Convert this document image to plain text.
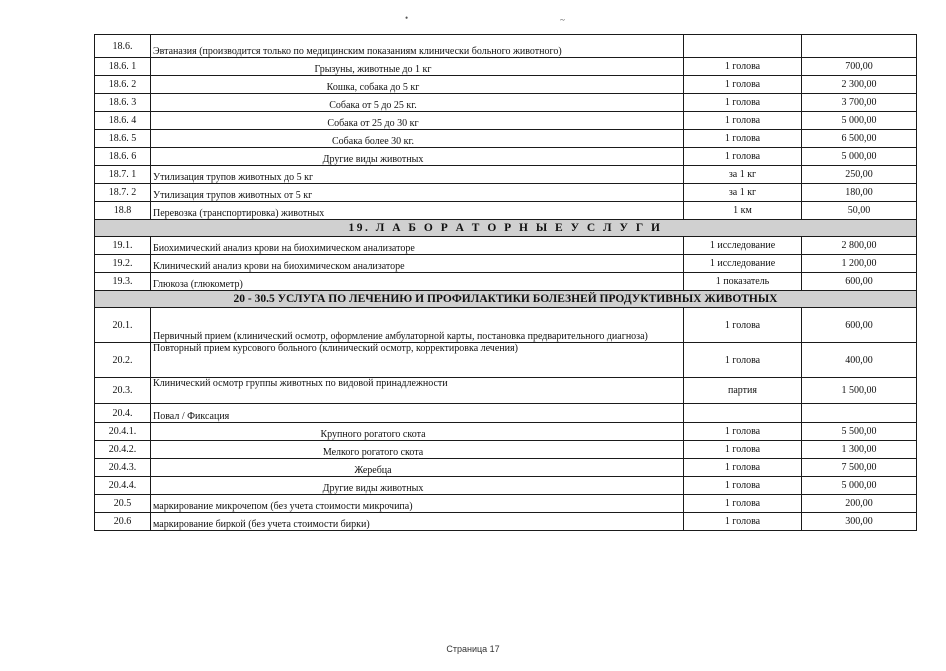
•	~
18.6.	Эвтаназия (производится только по медицинским показаниям клинически больного животного)		
18.6. 1	Грызуны, животные до 1 кг	1 голова	700,00
18.6. 2	Кошка, собака до 5 кг	1 голова	2 300,00
18.6. 3	Собака от 5 до 25 кг.	1 голова	3 700,00
18.6. 4	Собака от 25 до 30 кг	1 голова	5 000,00
18.6. 5	Собака более 30 кг.	1 голова	6 500,00
18.6. 6	Другие виды животных	1 голова	5 000,00
18.7. 1	Утилизация трупов животных до 5 кг	за 1 кг	250,00
18.7. 2	Утилизация трупов животных от 5 кг	за 1 кг	180,00
18.8	Перевозка (транспортировка) животных	1 км	50,00
19. Л А Б О Р А Т О Р Н Ы Е У С Л У Г И			
19.1.	Биохимический анализ крови на биохимическом анализаторе	1 исследование	2 800,00
19.2.	Клинический анализ крови на биохимическом анализаторе	1 исследование	1 200,00
19.3.	Глюкоза (глюкометр)	1 показатель	600,00
20 - 30.5 УСЛУГА ПО ЛЕЧЕНИЮ И ПРОФИЛАКТИКИ БОЛЕЗНЕЙ ПРОДУКТИВНЫХ ЖИВОТНЫХ			
20.1.	Первичный прием (клинический осмотр, оформление амбулаторной карты, постановка предварительного диагноза)	1 голова	600,00
20.2.	Повторный прием курсового больного (клинический осмотр, корректировка лечения)	1 голова	400,00
20.3.	Клинический осмотр группы животных по видовой принадлежности	партия	1 500,00
20.4.	Повал / Фиксация		
20.4.1.	Крупного рогатого скота	1 голова	5 500,00
20.4.2.	Мелкого рогатого скота	1 голова	1 300,00
20.4.3.	Жеребца	1 голова	7 500,00
20.4.4.	Другие виды животных	1 голова	5 000,00
20.5	маркирование микрочепом (без учета стоимости микрочипа)	1 голова	200,00
20.6	маркирование биркой (без учета стоимости бирки)	1 голова	300,00
Страница 17
